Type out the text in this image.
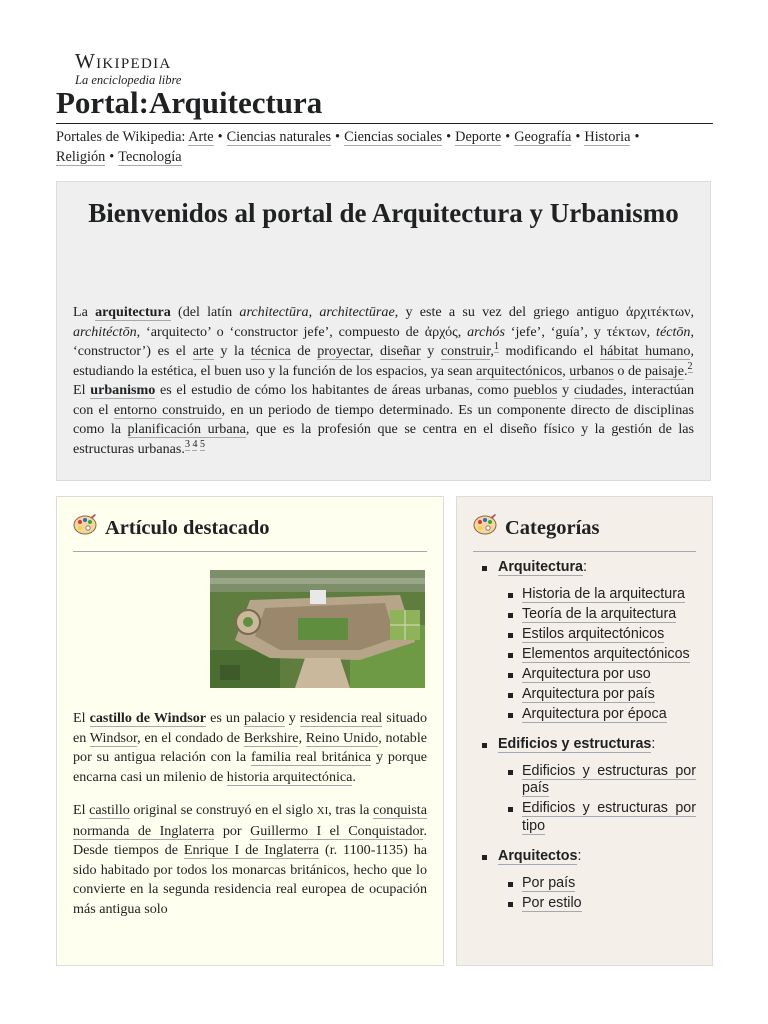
Wikipedia
La enciclopedia libre
Portal:Arquitectura
Portales de Wikipedia: Arte • Ciencias naturales • Ciencias sociales • Deporte • Geografía • Historia •
Religión • Tecnología
Bienvenidos al portal de Arquitectura y Urbanismo

La arquitectura (del latín architectūra, architectūrae, y este a su vez del griego antiguo ἀρχιτέκτων, architéctōn, ‘arquitecto’ o ‘constructor jefe’, compuesto de ἀρχός, archós ‘jefe’, ‘guía’, y τέκτων, téctōn, ‘constructor’) es el arte y la técnica de proyectar, diseñar y construir,$^1$ modificando el hábitat humano, estudiando la estética, el buen uso y la función de los espacios, ya sean arquitectónicos, urbanos o de paisaje.$^2$

El urbanismo es el estudio de cómo los habitantes de áreas urbanas, como pueblos y ciudades, interactúan con el entorno construido, en un periodo de tiempo determinado. Es un componente directo de disciplinas como la planificación urbana, que es la profesión que se centra en el diseño físico y la gestión de las estructuras urbanas.$^{3 4 5}$

Artículo destacado

El castillo de Windsor es un palacio y residencia real situado en Windsor, en el condado de Berkshire, Reino Unido, notable por su antigua relación con la familia real británica y porque encarna casi un milenio de historia arquitectónica.

El castillo original se construyó en el siglo XI, tras la conquista normanda de Inglaterra por Guillermo I el Conquistador. Desde tiempos de Enrique I de Inglaterra (r. 1100-1135) ha sido habitado por todos los monarcas británicos, hecho que lo convierte en la segunda residencia real europea de ocupación más antigua solo

Categorías
Arquitectura:
Historia de la arquitectura
Teoría de la arquitectura
Estilos arquitectónicos
Elementos arquitectónicos
Arquitectura por uso
Arquitectura por país
Arquitectura por época
Edificios y estructuras:
Edificios y estructuras por país
Edificios y estructuras por tipo
Arquitectos:
Por país
Por estilo
